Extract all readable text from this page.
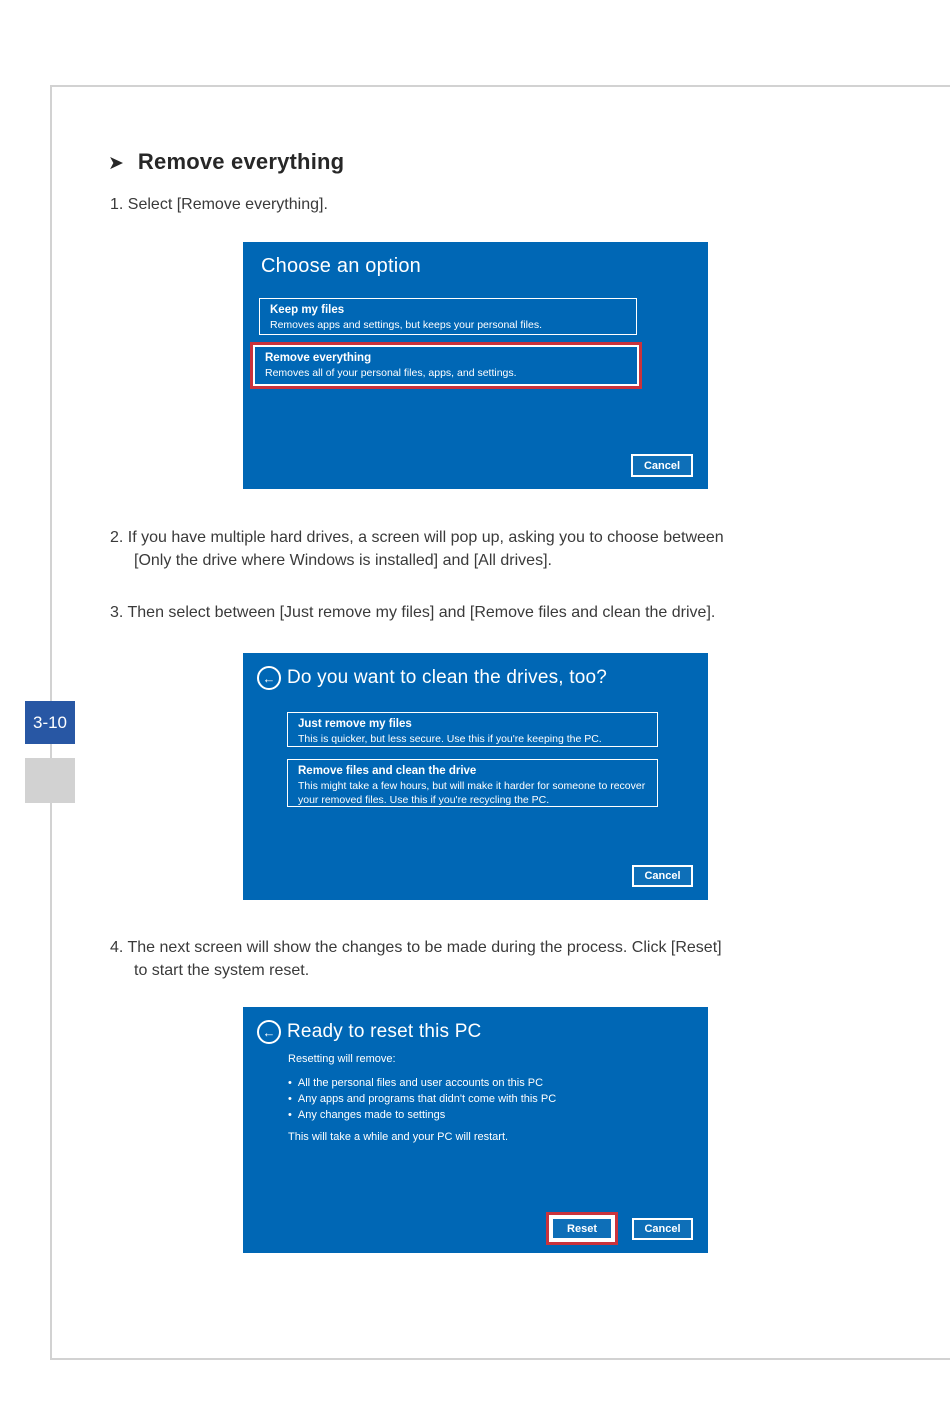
➤ Remove everything
1. Select [Remove everything].
Choose an option
Keep my files
Removes apps and settings, but keeps your personal files.
Remove everything
Removes all of your personal files, apps, and settings.
Cancel
2. If you have multiple hard drives, a screen will pop up, asking you to choose between
[Only the drive where Windows is installed] and [All drives].
3. Then select between [Just remove my files] and [Remove files and clean the drive].
← Do you want to clean the drives, too?
Just remove my files
This is quicker, but less secure. Use this if you're keeping the PC.
Remove files and clean the drive
This might take a few hours, but will make it harder for someone to recover your removed files. Use this if you're recycling the PC.
Cancel
3-10
4. The next screen will show the changes to be made during the process. Click [Reset]
to start the system reset.
← Ready to reset this PC

Resetting will remove:

• All the personal files and user accounts on this PC
• Any apps and programs that didn't come with this PC
• Any changes made to settings

This will take a while and your PC will restart.

Reset	Cancel
